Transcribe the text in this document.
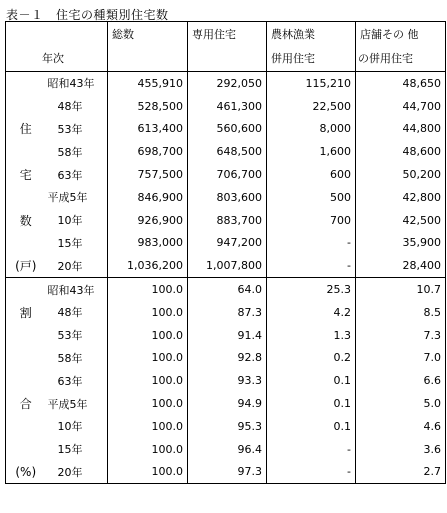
表－１　住宅の種類別住宅数

		総数	専用住宅	農林漁業	店舗その 他

年次				併用住宅	の併用住宅
	昭和43年	455,910	292,050	115,210	48,650
	48年	528,500	461,300	22,500	44,700
住	53年	613,400	560,600	8,000	44,800
	58年	698,700	648,500	1,600	48,600
宅	63年	757,500	706,700	600	50,200
	平成5年	846,900	803,600	500	42,800
数	10年	926,900	883,700	700	42,500
	15年	983,000	947,200	-	35,900
(戸)	20年	1,036,200	1,007,800	-	28,400
	昭和43年	100.0	64.0	25.3	10.7
割	48年	100.0	87.3	4.2	8.5
	53年	100.0	91.4	1.3	7.3
	58年	100.0	92.8	0.2	7.0
	63年	100.0	93.3	0.1	6.6
合	平成5年	100.0	94.9	0.1	5.0
	10年	100.0	95.3	0.1	4.6
	15年	100.0	96.4	-	3.6
(%)	20年	100.0	97.3	-	2.7
